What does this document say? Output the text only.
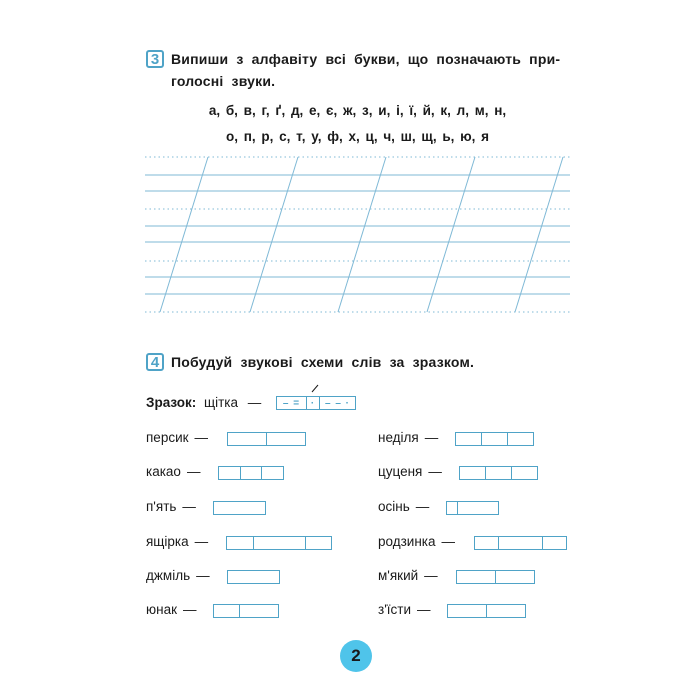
3 Випиши з алфавіту всі букви, що позначають при-
голосні звуки.
а, б, в, г, ґ, д, е, є, ж, з, и, і, ї, й, к, л, м, н,
о, п, р, с, т, у, ф, х, ц, ч, ш, щ, ь, ю, я
4 Побудуй звукові схеми слів за зразком.
Зразок: щітка —	– =	· – – ·
персик —
какао —
п'ять —
ящірка —
джміль —
юнак —
неділя —
цуценя —
осінь —
родзинка —
м'який —
з'їсти —
2
